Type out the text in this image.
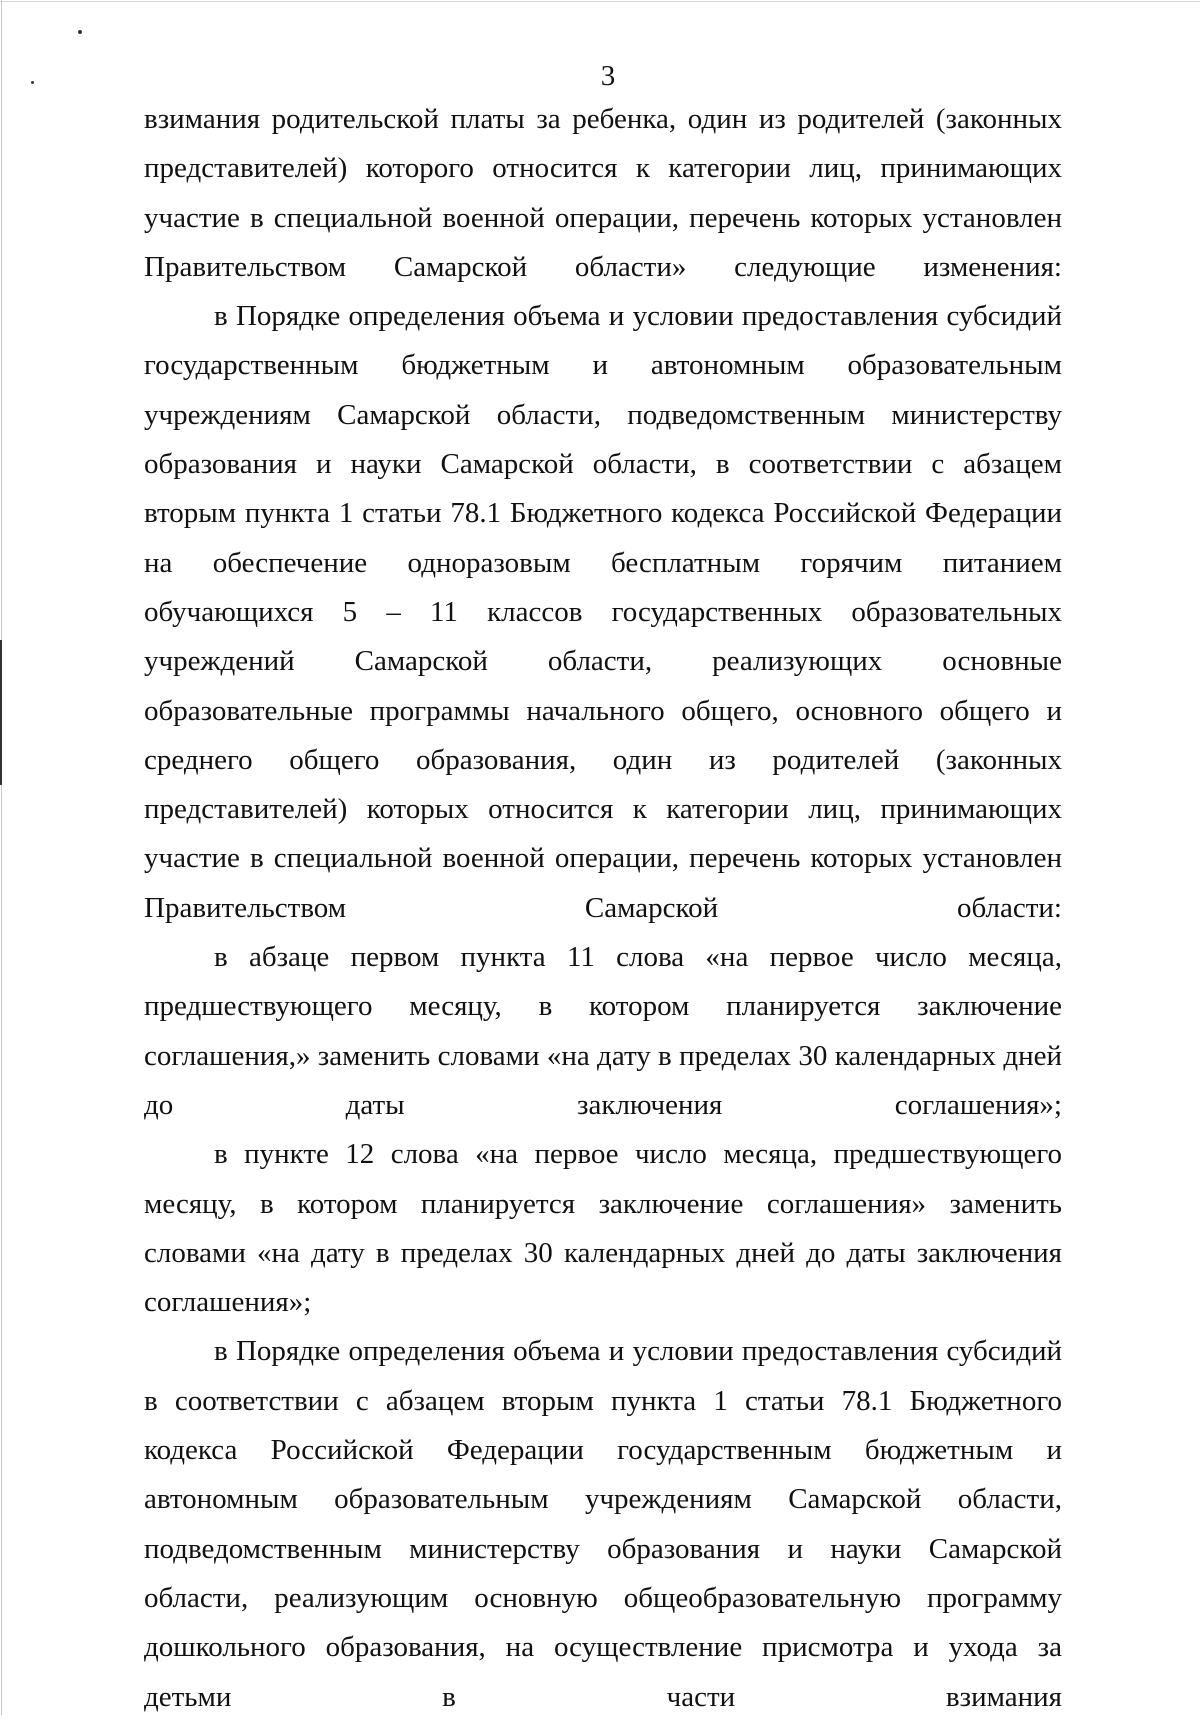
3

взимания родительской платы за ребенка, один из родителей (законных представителей) которого относится к категории лиц, принимающих участие в специальной военной операции, перечень которых установлен Правительством Самарской области» следующие изменения:

в Порядке определения объема и условии предоставления субсидий государственным бюджетным и автономным образовательным учреждениям Самарской области, подведомственным министерству образования и науки Самарской области, в соответствии с абзацем вторым пункта 1 статьи 78.1 Бюджетного кодекса Российской Федерации на обеспечение одноразовым бесплатным горячим питанием обучающихся 5 – 11 классов государственных образовательных учреждений Самарской области, реализующих основные образовательные программы начального общего, основного общего и среднего общего образования, один из родителей (законных представителей) которых относится к категории лиц, принимающих участие в специальной военной операции, перечень которых установлен Правительством Самарской области:

в абзаце первом пункта 11 слова «на первое число месяца, предшествующего месяцу, в котором планируется заключение соглашения,» заменить словами «на дату в пределах 30 календарных дней до даты заключения соглашения»;

в пункте 12 слова «на первое число месяца, предшествующего месяцу, в котором планируется заключение соглашения» заменить словами «на дату в пределах 30 календарных дней до даты заключения соглашения»;

в Порядке определения объема и условии предоставления субсидий в соответствии с абзацем вторым пункта 1 статьи 78.1 Бюджетного кодекса Российской Федерации государственным бюджетным и автономным образовательным учреждениям Самарской области, подведомственным министерству образования и науки Самарской области, реализующим основную общеобразовательную программу дошкольного образования, на осуществление присмотра и ухода за детьми в части взимания
